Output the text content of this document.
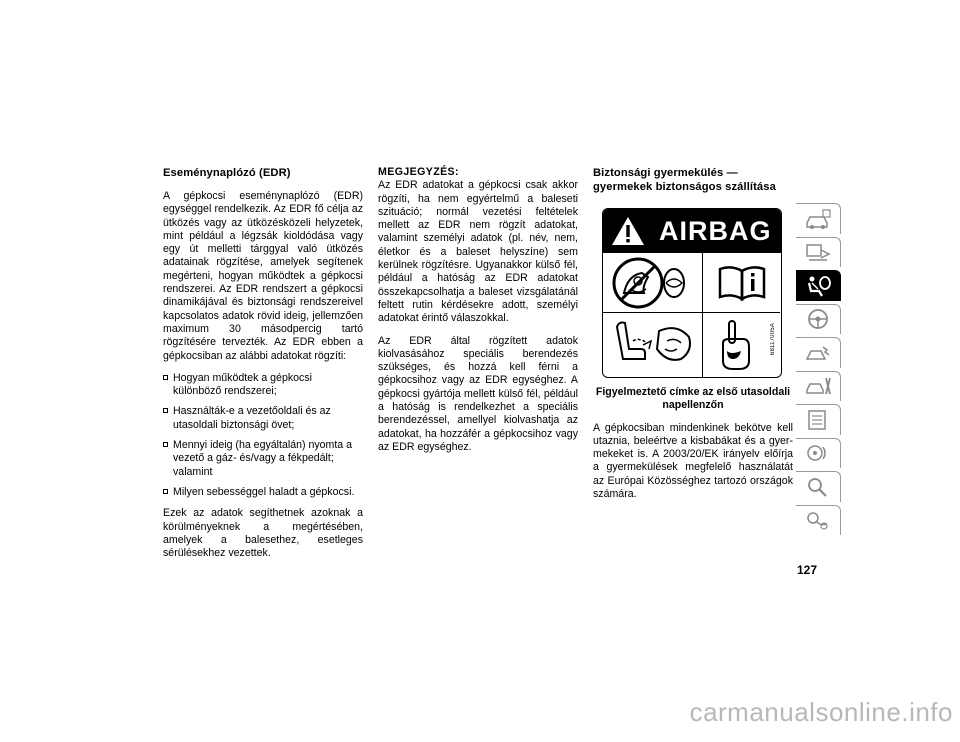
Eseménynaplózó (EDR)

A gépkocsi eseménynaplózó (EDR) egységgel rendelkezik. Az EDR fő célja az ütközés vagy az ütközésközeli helyzetek, mint például a légzsák kioldódása vagy egy út melletti tárggyal való ütközés adatainak rögzítése, amelyek segítenek megérteni, hogyan működtek a gépkocsi rendszerei. Az EDR rendszert a gépkocsi dinamikájával és biztonsági rendszereivel kapcsolatos adatok rövid ideig, jellemzően maximum 30 másodpercig tartó rögzítésére tervezték. Az EDR ebben a gépkocsiban az alábbi adatokat rögzíti:

Hogyan működtek a gépkocsi különböző rendszerei;
Használták-e a vezetőoldali és az utasoldali biztonsági övet;
Mennyi ideig (ha egyáltalán) nyomta a vezető a gáz- és/vagy a fékpedált; valamint
Milyen sebességgel haladt a gépkocsi.

Ezek az adatok segíthetnek azoknak a körülményeknek a megértésében, amelyek a balesethez, esetleges sérülésekhez vezettek.

MEGJEGYZÉS:
Az EDR adatokat a gépkocsi csak akkor rögzíti, ha nem egyértelmű a baleseti szituáció; normál vezetési feltételek mellett az EDR nem rögzít adatokat, valamint személyi adatok (pl. név, nem, életkor és a baleset helyszíne) sem kerülnek rögzítésre. Ugyanakkor külső fél, például a hatóság az EDR adatokat összekapcsolhatja a baleset vizsgálatánál feltett rutin kérdésekre adott, személyi adatokat érintő válaszokkal.

Az EDR által rögzített adatok kiolvasásához speciális berendezés szükséges, és hozzá kell férni a gépkocsihoz vagy az EDR egységhez. A gépkocsi gyártója mellett külső fél, például a hatóság is rendelkezhet a speciális berendezéssel, amellyel kiolvashatja az adatokat, ha hozzáfér a gépkocsihoz vagy az EDR egységhez.

Biztonsági gyermekülés — gyermekek biztonságos szállítása
AIRBAG
68117005A
Figyelmeztető címke az első utasoldali napellenzőn

A gépkocsiban mindenkinek bekötve kell utaznia, beleértve a kisbabákat és a gyermekeket is. A 2003/20/EK irányelv előírja a gyermekülések megfelelő használatát az Európai Közösséghez tartozó országok számára.

127
carmanualsonline.info
